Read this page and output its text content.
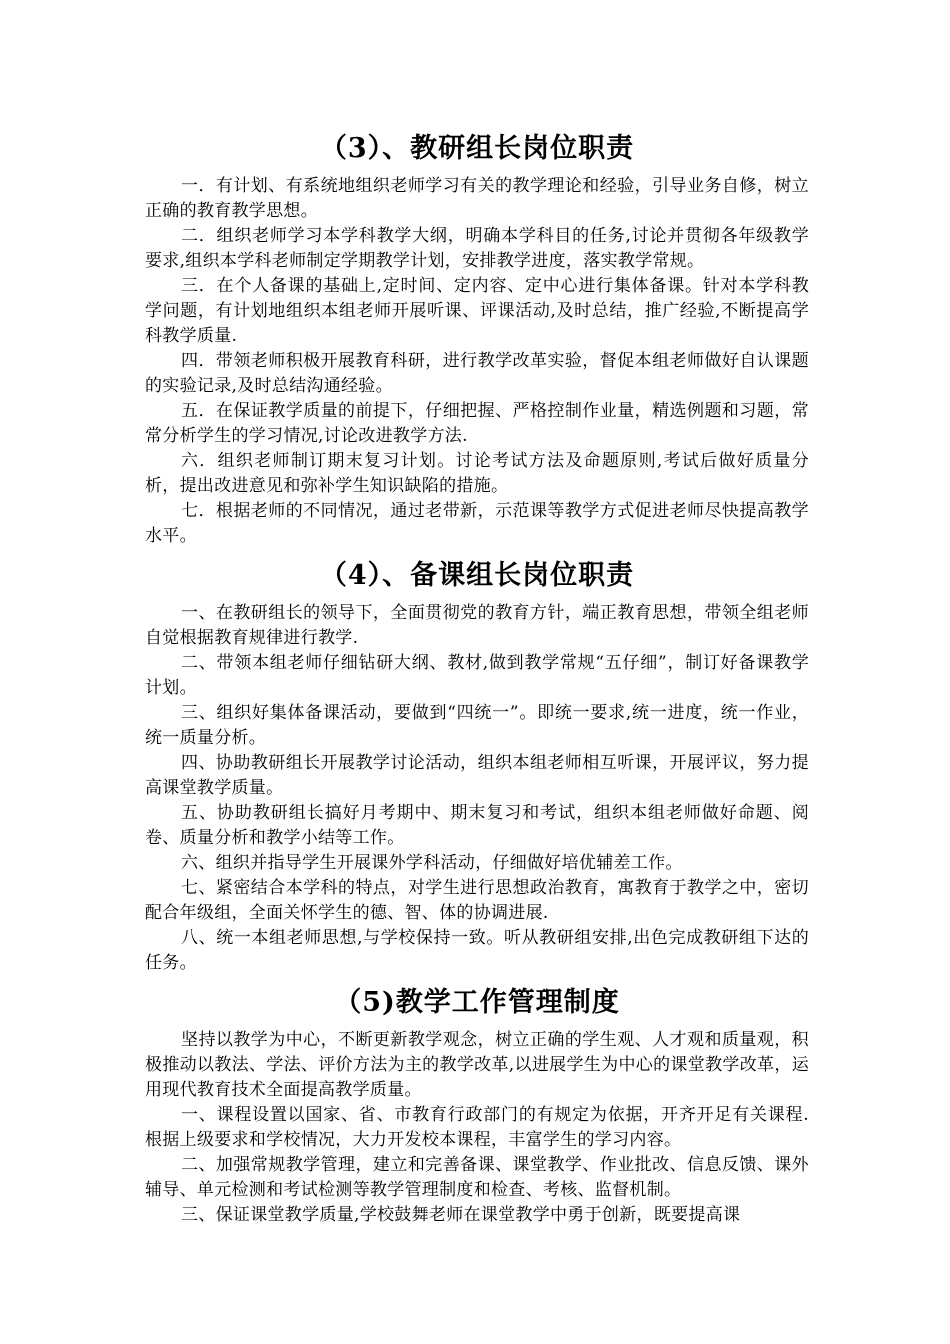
（3）、教研组长岗位职责

一．有计划、有系统地组织老师学习有关的教学理论和经验，引导业务自修，树立正确的教育教学思想。

二．组织老师学习本学科教学大纲，明确本学科目的任务,讨论并贯彻各年级教学要求,组织本学科老师制定学期教学计划，安排教学进度，落实教学常规。

三．在个人备课的基础上,定时间、定内容、定中心进行集体备课。针对本学科教学问题，有计划地组织本组老师开展听课、评课活动,及时总结，推广经验,不断提高学科教学质量.

四．带领老师积极开展教育科研，进行教学改革实验，督促本组老师做好自认课题的实验记录,及时总结沟通经验。

五．在保证教学质量的前提下，仔细把握、严格控制作业量，精选例题和习题，常常分析学生的学习情况,讨论改进教学方法.

六．组织老师制订期末复习计划。讨论考试方法及命题原则,考试后做好质量分析，提出改进意见和弥补学生知识缺陷的措施。

七．根据老师的不同情况，通过老带新，示范课等教学方式促进老师尽快提高教学水平。

（4）、备课组长岗位职责

一、在教研组长的领导下，全面贯彻党的教育方针，端正教育思想，带领全组老师自觉根据教育规律进行教学.

二、带领本组老师仔细钻研大纲、教材,做到教学常规“五仔细”，制订好备课教学计划。

三、组织好集体备课活动，要做到“四统一”。即统一要求,统一进度，统一作业，统一质量分析。

四、协助教研组长开展教学讨论活动，组织本组老师相互听课，开展评议，努力提高课堂教学质量。

五、协助教研组长搞好月考期中、期末复习和考试，组织本组老师做好命题、阅卷、质量分析和教学小结等工作。

六、组织并指导学生开展课外学科活动，仔细做好培优辅差工作。

七、紧密结合本学科的特点，对学生进行思想政治教育，寓教育于教学之中，密切配合年级组，全面关怀学生的德、智、体的协调进展.

八、统一本组老师思想,与学校保持一致。听从教研组安排,出色完成教研组下达的任务。

（5)教学工作管理制度

坚持以教学为中心，不断更新教学观念，树立正确的学生观、人才观和质量观，积极推动以教法、学法、评价方法为主的教学改革,以进展学生为中心的课堂教学改革，运用现代教育技术全面提高教学质量。

一、课程设置以国家、省、市教育行政部门的有规定为依据，开齐开足有关课程.根据上级要求和学校情况，大力开发校本课程，丰富学生的学习内容。

二、加强常规教学管理，建立和完善备课、课堂教学、作业批改、信息反馈、课外辅导、单元检测和考试检测等教学管理制度和检查、考核、监督机制。

三、保证课堂教学质量,学校鼓舞老师在课堂教学中勇于创新，既要提高课
